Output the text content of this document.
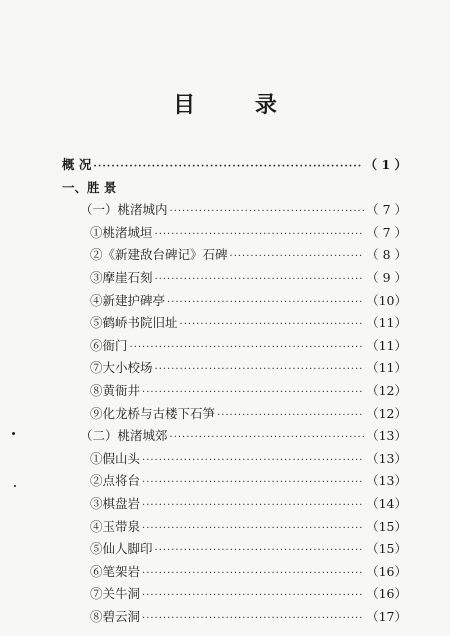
目 录
概 况 ·····	（ 1 ）
一、胜 景
（一）桃渚城内 ·····	（ 7 ）
①桃渚城垣 ·····	（ 7 ）
②《新建敌台碑记》石碑 ·····	（ 8 ）
③摩崖石刻 ·····	（ 9 ）
④新建护碑亭 ·····	（10）
⑤鹤峤书院旧址 ·····	（11）
⑥衙门 ·····	（11）
⑦大小校场 ·····	（11）
⑧黄衙井 ·····	（12）
⑨化龙桥与古楼下石笋 ·····	（12）
（二）桃渚城郊 ·····	（13）
①假山头 ·····	（13）
②点将台 ·····	（13）
③棋盘岩 ·····	（14）
④玉带泉 ·····	（15）
⑤仙人脚印 ·····	（15）
⑥笔架岩 ·····	（16）
⑦关牛洞 ·····	（16）
⑧碧云洞 ·····	（17）
